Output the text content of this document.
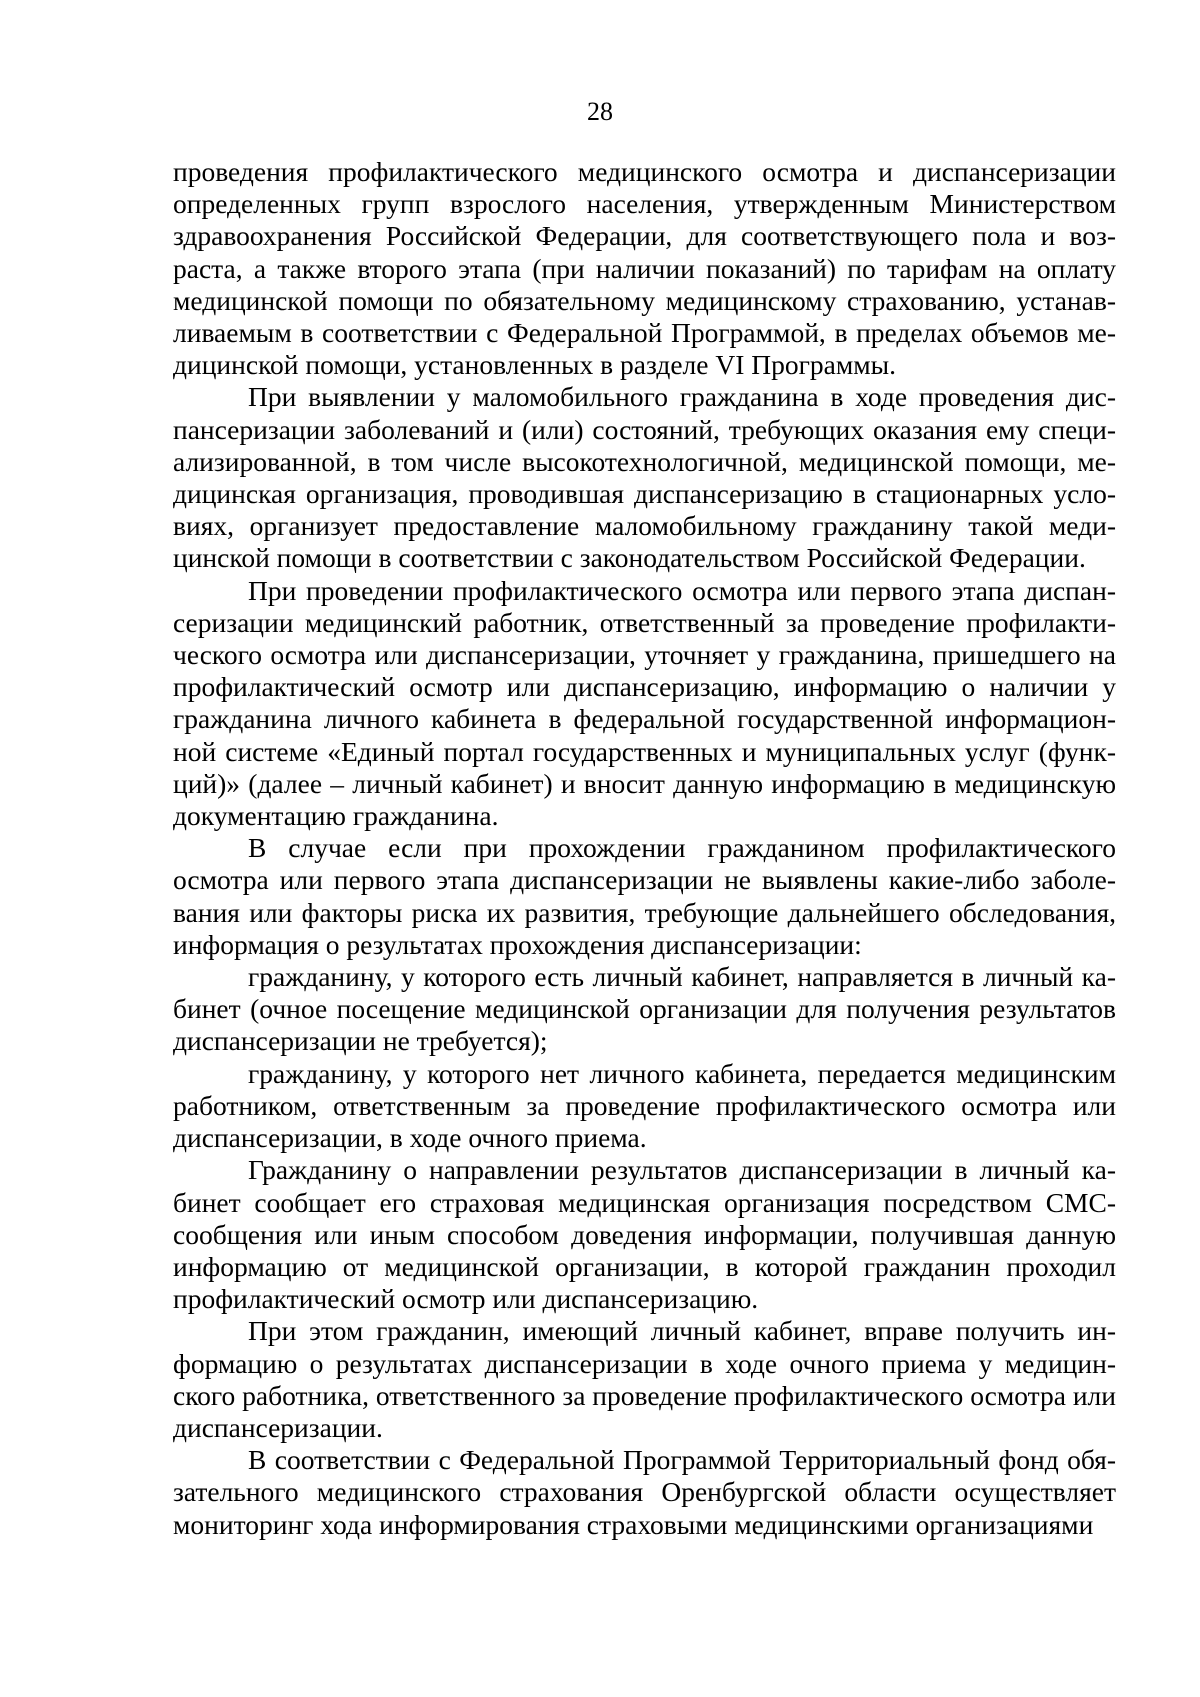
28

проведения профилактического медицинского осмотра и диспансеризации определенных групп взрослого населения, утвержденным Министерством здравоохранения Российской Федерации, для соответствующего пола и возраста, а также второго этапа (при наличии показаний) по тарифам на оплату медицинской помощи по обязательному медицинскому страхованию, устанавливаемым в соответствии с Федеральной Программой, в пределах объемов медицинской помощи, установленных в разделе VI Программы.

При выявлении у маломобильного гражданина в ходе проведения диспансеризации заболеваний и (или) состояний, требующих оказания ему специализированной, в том числе высокотехнологичной, медицинской помощи, медицинская организация, проводившая диспансеризацию в стационарных условиях, организует предоставление маломобильному гражданину такой медицинской помощи в соответствии с законодательством Российской Федерации.

При проведении профилактического осмотра или первого этапа диспансеризации медицинский работник, ответственный за проведение профилактического осмотра или диспансеризации, уточняет у гражданина, пришедшего на профилактический осмотр или диспансеризацию, информацию о наличии у гражданина личного кабинета в федеральной государственной информационной системе «Единый портал государственных и муниципальных услуг (функций)» (далее – личный кабинет) и вносит данную информацию в медицинскую документацию гражданина.

В случае если при прохождении гражданином профилактического осмотра или первого этапа диспансеризации не выявлены какие-либо заболевания или факторы риска их развития, требующие дальнейшего обследования, информация о результатах прохождения диспансеризации:

гражданину, у которого есть личный кабинет, направляется в личный кабинет (очное посещение медицинской организации для получения результатов диспансеризации не требуется);

гражданину, у которого нет личного кабинета, передается медицинским работником, ответственным за проведение профилактического осмотра или диспансеризации, в ходе очного приема.

Гражданину о направлении результатов диспансеризации в личный кабинет сообщает его страховая медицинская организация посредством СМС-сообщения или иным способом доведения информации, получившая данную информацию от медицинской организации, в которой гражданин проходил профилактический осмотр или диспансеризацию.

При этом гражданин, имеющий личный кабинет, вправе получить информацию о результатах диспансеризации в ходе очного приема у медицинского работника, ответственного за проведение профилактического осмотра или диспансеризации.

В соответствии с Федеральной Программой Территориальный фонд обязательного медицинского страхования Оренбургской области осуществляет мониторинг хода информирования страховыми медицинскими организациями
